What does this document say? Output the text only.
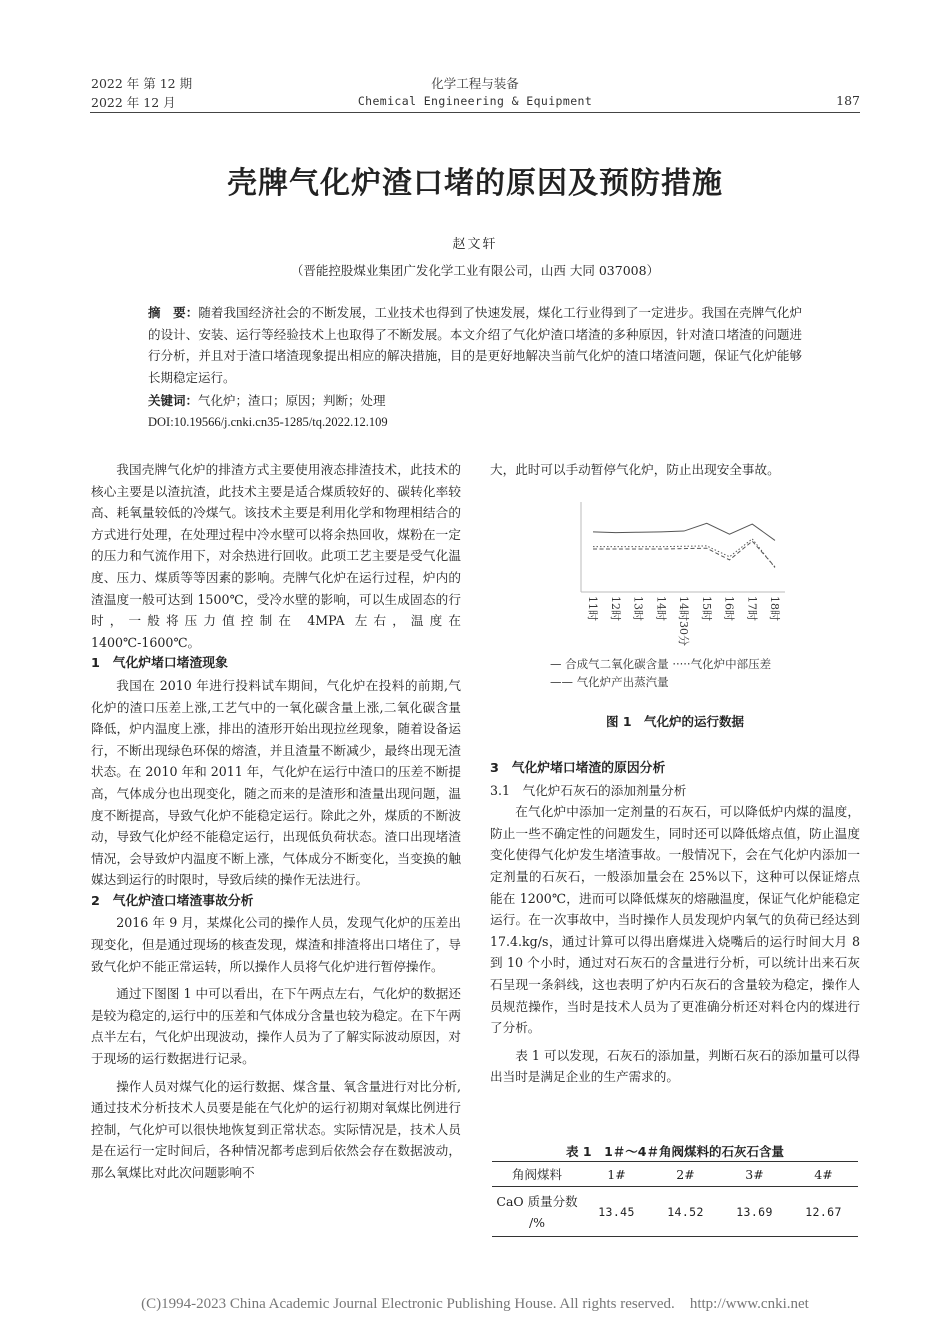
2022 年 第 12 期
2022 年 12 月
化学工程与装备
Chemical Engineering & Equipment	187
壳牌气化炉渣口堵的原因及预防措施
赵文轩
（晋能控股煤业集团广发化学工业有限公司，山西 大同 037008）
摘　要：随着我国经济社会的不断发展，工业技术也得到了快速发展，煤化工行业得到了一定进步。我国在壳牌气化炉的设计、安装、运行等经验技术上也取得了不断发展。本文介绍了气化炉渣口堵渣的多种原因，针对渣口堵渣的问题进行分析，并且对于渣口堵渣现象提出相应的解决措施，目的是更好地解决当前气化炉的渣口堵渣问题，保证气化炉能够长期稳定运行。
关键词：气化炉；渣口；原因；判断；处理
DOI:10.19566/j.cnki.cn35-1285/tq.2022.12.109

我国壳牌气化炉的排渣方式主要使用液态排渣技术，此技术的核心主要是以渣抗渣，此技术主要是适合煤质较好的、碳转化率较高、耗氧量较低的冷煤气。该技术主要是利用化学和物理相结合的方式进行处理，在处理过程中冷水壁可以将余热回收，煤粉在一定的压力和气流作用下，对余热进行回收。此项工艺主要是受气化温度、压力、煤质等等因素的影响。壳牌气化炉在运行过程，炉内的渣温度一般可达到 1500℃，受冷水壁的影响，可以生成固态的行时，一般将压力值控制在 4MPA 左右，温度在 1400℃-1600℃。

1　气化炉堵口堵渣现象

我国在 2010 年进行投料试车期间，气化炉在投料的前期,气化炉的渣口压差上涨,工艺气中的一氧化碳含量上涨,二氧化碳含量降低，炉内温度上涨，排出的渣形开始出现拉丝现象，随着设备运行，不断出现绿色环保的熔渣，并且渣量不断减少，最终出现无渣状态。在 2010 年和 2011 年，气化炉在运行中渣口的压差不断提高，气体成分也出现变化，随之而来的是渣形和渣量出现问题，温度不断提高，导致气化炉不能稳定运行。除此之外，煤质的不断波动，导致气化炉经不能稳定运行，出现低负荷状态。渣口出现堵渣情况，会导致炉内温度不断上涨，气体成分不断变化，当变换的触媒达到运行的时限时，导致后续的操作无法进行。

2　气化炉渣口堵渣事故分析

2016 年 9 月，某煤化公司的操作人员，发现气化炉的压差出现变化，但是通过现场的核查发现，煤渣和排渣将出口堵住了，导致气化炉不能正常运转，所以操作人员将气化炉进行暂停操作。

通过下图图 1 中可以看出，在下午两点左右，气化炉的数据还是较为稳定的,运行中的压差和气体成分含量也较为稳定。在下午两点半左右，气化炉出现波动，操作人员为了了解实际波动原因，对于现场的运行数据进行记录。

操作人员对煤气化的运行数据、煤含量、氧含量进行对比分析,通过技术分析技术人员要是能在气化炉的运行初期对氧煤比例进行控制，气化炉可以很快地恢复到正常状态。实际情况是，技术人员是在运行一定时间后，各种情况都考虑到后依然会存在数据波动，那么氧煤比对此次问题影响不

大，此时可以手动暂停气化炉，防止出现安全事故。

11时 12时 13时 14时 14时30分 15时 16时 17时 18时
— 合成气二氧化碳含量 ·····气化炉中部压差
—— 气化炉产出蒸汽量
图 1　气化炉的运行数据

3　气化炉堵口堵渣的原因分析

3.1　气化炉石灰石的添加剂量分析

在气化炉中添加一定剂量的石灰石，可以降低炉内煤的温度，防止一些不确定性的问题发生，同时还可以降低熔点值，防止温度变化使得气化炉发生堵渣事故。一般情况下，会在气化炉内添加一定剂量的石灰石，一般添加量会在 25%以下，这种可以保证熔点能在 1200℃，进而可以降低煤灰的熔融温度，保证气化炉能稳定运行。在一次事故中，当时操作人员发现炉内氧气的负荷已经达到 17.4.kg/s，通过计算可以得出磨煤进入烧嘴后的运行时间大月 8 到 10 个小时，通过对石灰石的含量进行分析，可以统计出来石灰石呈现一条斜线，这也表明了炉内石灰石的含量较为稳定，操作人员规范操作，当时是技术人员为了更准确分析还对料仓内的煤进行了分析。

表 1 可以发现，石灰石的添加量，判断石灰石的添加量可以得出当时是满足企业的生产需求的。

表 1　1＃～4＃角阀煤料的石灰石含量
角阀煤料	1#	2#	3#	4#

CaO 质量分数
/%	13.45	14.52	13.69	12.67
(C)1994-2023 China Academic Journal Electronic Publishing House. All rights reserved. http://www.cnki.net
